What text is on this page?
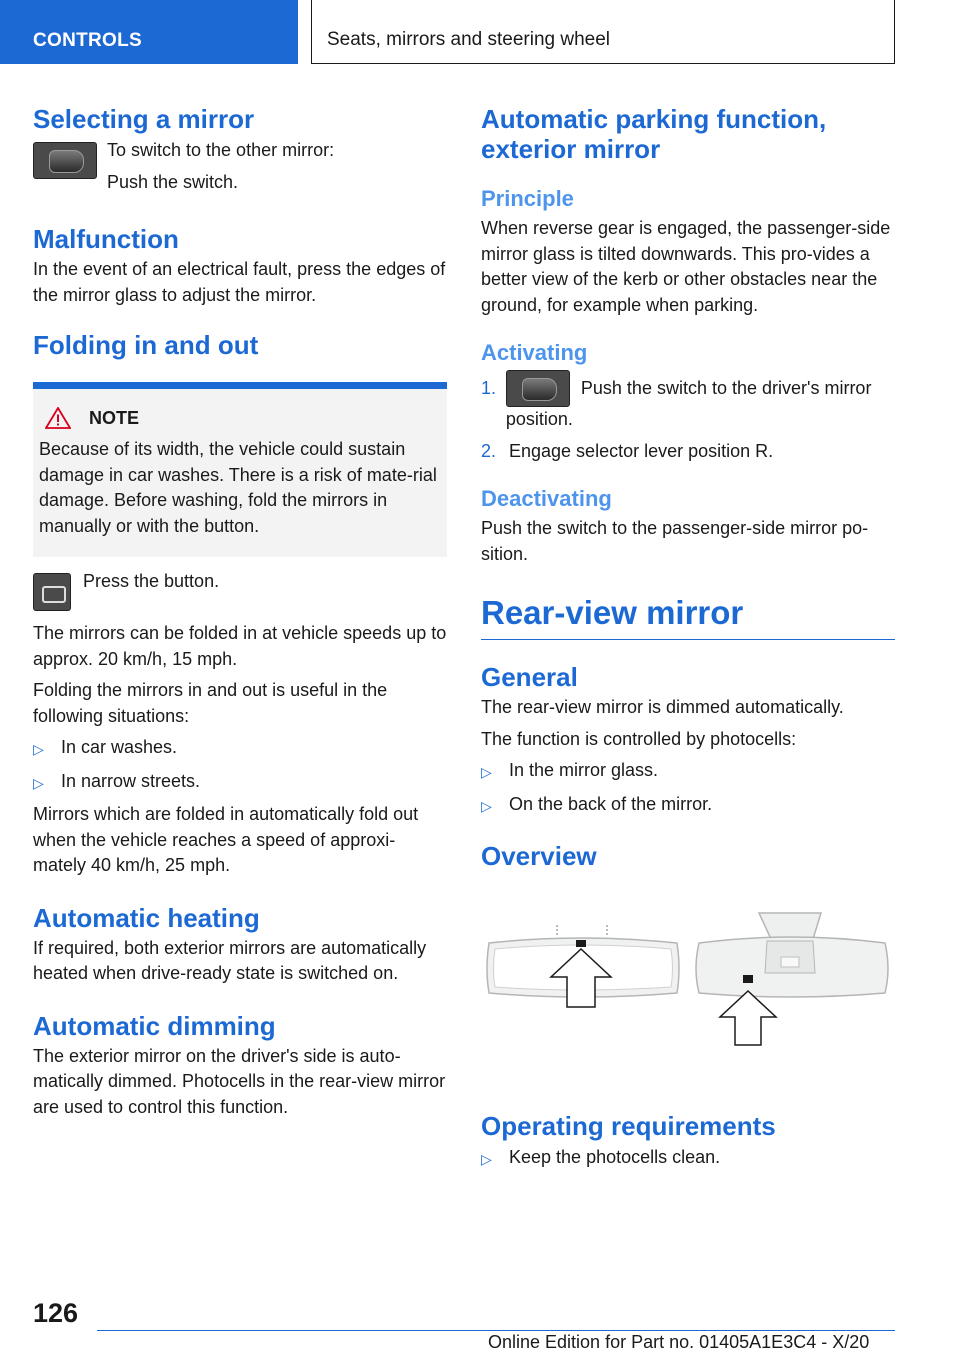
CONTROLS	Seats, mirrors and steering wheel
Selecting a mirror

To switch to the other mirror:

Push the switch.

Malfunction

In the event of an electrical fault, press the edges of the mirror glass to adjust the mirror.

Folding in and out
NOTE

Because of its width, the vehicle could sustain damage in car washes. There is a risk of mate‐rial damage. Before washing, fold the mirrors in manually or with the button.

Press the button.

The mirrors can be folded in at vehicle speeds up to approx. 20 km/h, 15 mph.

Folding the mirrors in and out is useful in the following situations:

▷ In car washes.
▷ In narrow streets.

Mirrors which are folded in automatically fold out when the vehicle reaches a speed of approxi‐mately 40 km/h, 25 mph.

Automatic heating

If required, both exterior mirrors are automatically heated when drive-ready state is switched on.

Automatic dimming

The exterior mirror on the driver's side is auto‐matically dimmed. Photocells in the rear-view mirror are used to control this function.

Automatic parking function, exterior mirror
Principle

When reverse gear is engaged, the passenger-side mirror glass is tilted downwards. This pro‐vides a better view of the kerb or other obstacles near the ground, for example when parking.

Activating
1.	Push the switch to the driver's mirror position.
2. Engage selector lever position R.
Deactivating

Push the switch to the passenger-side mirror po‐sition.

Rear-view mirror
General

The rear-view mirror is dimmed automatically.

The function is controlled by photocells:

▷ In the mirror glass.
▷ On the back of the mirror.
Overview
Operating requirements
▷ Keep the photocells clean.
126
Online Edition for Part no. 01405A1E3C4 - X/20
